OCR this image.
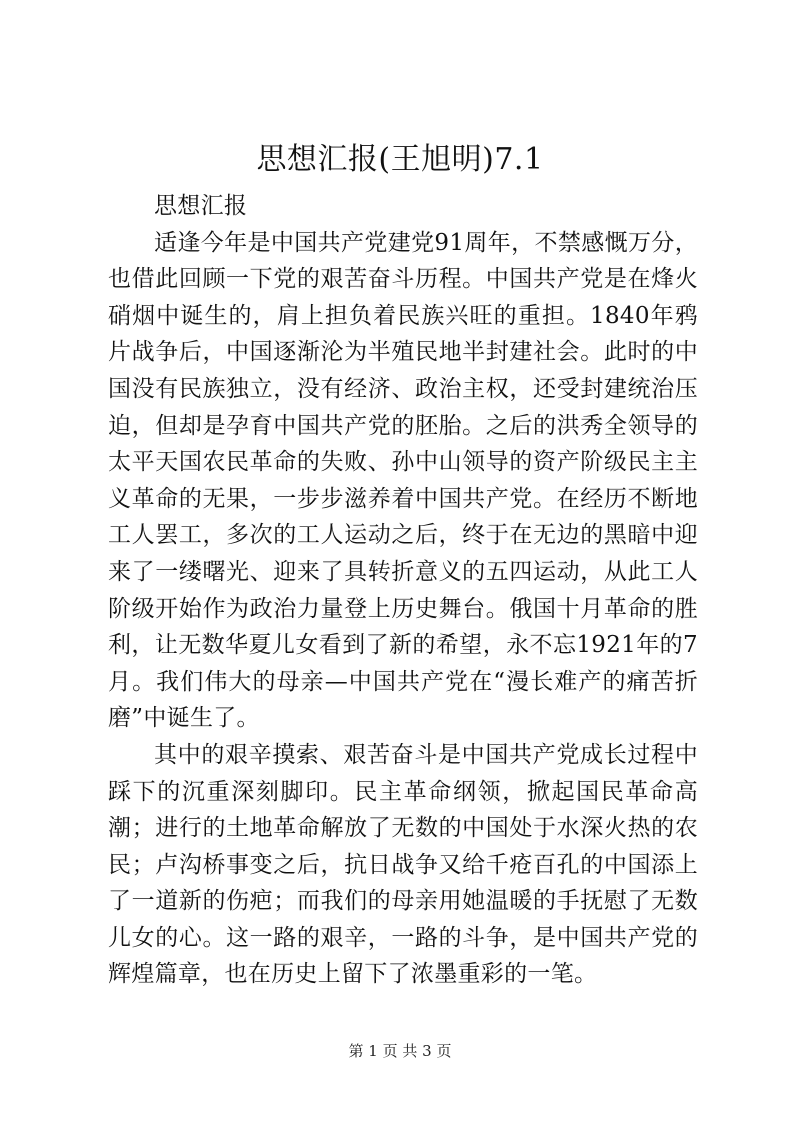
思想汇报(王旭明)7.1

思想汇报

适逢今年是中国共产党建党91周年，不禁感慨万分，也借此回顾一下党的艰苦奋斗历程。中国共产党是在烽火硝烟中诞生的，肩上担负着民族兴旺的重担。1840年鸦片战争后，中国逐渐沦为半殖民地半封建社会。此时的中国没有民族独立，没有经济、政治主权，还受封建统治压迫，但却是孕育中国共产党的胚胎。之后的洪秀全领导的太平天国农民革命的失败、孙中山领导的资产阶级民主主义革命的无果，一步步滋养着中国共产党。在经历不断地工人罢工，多次的工人运动之后，终于在无边的黑暗中迎来了一缕曙光、迎来了具转折意义的五四运动，从此工人阶级开始作为政治力量登上历史舞台。俄国十月革命的胜利，让无数华夏儿女看到了新的希望，永不忘1921年的7月。我们伟大的母亲—中国共产党在“漫长难产的痛苦折磨”中诞生了。

其中的艰辛摸索、艰苦奋斗是中国共产党成长过程中踩下的沉重深刻脚印。民主革命纲领，掀起国民革命高潮；进行的土地革命解放了无数的中国处于水深火热的农民；卢沟桥事变之后，抗日战争又给千疮百孔的中国添上了一道新的伤疤；而我们的母亲用她温暖的手抚慰了无数儿女的心。这一路的艰辛，一路的斗争，是中国共产党的辉煌篇章，也在历史上留下了浓墨重彩的一笔。

第 1 页 共 3 页
